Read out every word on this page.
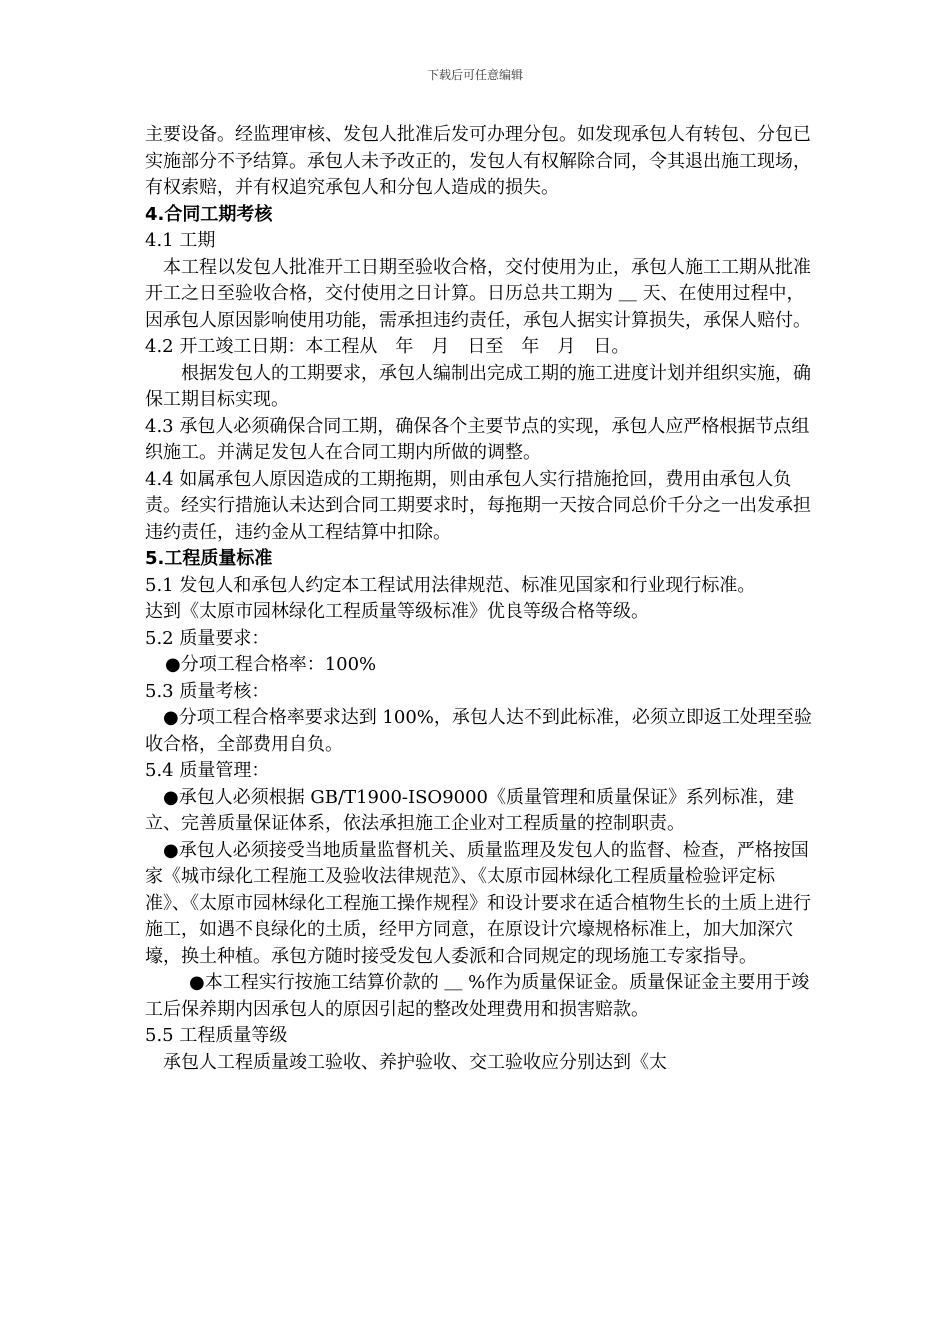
下载后可任意编辑

主要设备。经监理审核、发包人批准后发可办理分包。如发现承包人有转包、分包已实施部分不予结算。承包人未予改正的，发包人有权解除合同，令其退出施工现场，有权索赔，并有权追究承包人和分包人造成的损失。

4.合同工期考核

4.1 工期

本工程以发包人批准开工日期至验收合格，交付使用为止，承包人施工工期从批准开工之日至验收合格，交付使用之日计算。日历总共工期为 ＿ 天、在使用过程中，因承包人原因影响使用功能，需承担违约责任，承包人据实计算损失，承保人赔付。

4.2 开工竣工日期：本工程从　年　月　日至　年　月　日。

根据发包人的工期要求，承包人编制出完成工期的施工进度计划并组织实施，确保工期目标实现。

4.3 承包人必须确保合同工期，确保各个主要节点的实现，承包人应严格根据节点组织施工。并满足发包人在合同工期内所做的调整。

4.4 如属承包人原因造成的工期拖期，则由承包人实行措施抢回，费用由承包人负责。经实行措施认未达到合同工期要求时，每拖期一天按合同总价千分之一出发承担违约责任，违约金从工程结算中扣除。

5.工程质量标准

5.1 发包人和承包人约定本工程试用法律规范、标准见国家和行业现行标准。

达到《太原市园林绿化工程质量等级标准》优良等级合格等级。

5.2 质量要求：

●分项工程合格率：100%

5.3 质量考核：

●分项工程合格率要求达到 100%，承包人达不到此标准，必须立即返工处理至验收合格，全部费用自负。

5.4 质量管理：

●承包人必须根据 GB/T1900-ISO9000《质量管理和质量保证》系列标准，建立、完善质量保证体系，依法承担施工企业对工程质量的控制职责。

●承包人必须接受当地质量监督机关、质量监理及发包人的监督、检查，严格按国家《城市绿化工程施工及验收法律规范》、《太原市园林绿化工程质量检验评定标准》、《太原市园林绿化工程施工操作规程》和设计要求在适合植物生长的土质上进行施工，如遇不良绿化的土质，经甲方同意，在原设计穴壕规格标准上，加大加深穴壕，换土种植。承包方随时接受发包人委派和合同规定的现场施工专家指导。

●本工程实行按施工结算价款的 ＿ %作为质量保证金。质量保证金主要用于竣工后保养期内因承包人的原因引起的整改处理费用和损害赔款。

5.5 工程质量等级

承包人工程质量竣工验收、养护验收、交工验收应分别达到《太
